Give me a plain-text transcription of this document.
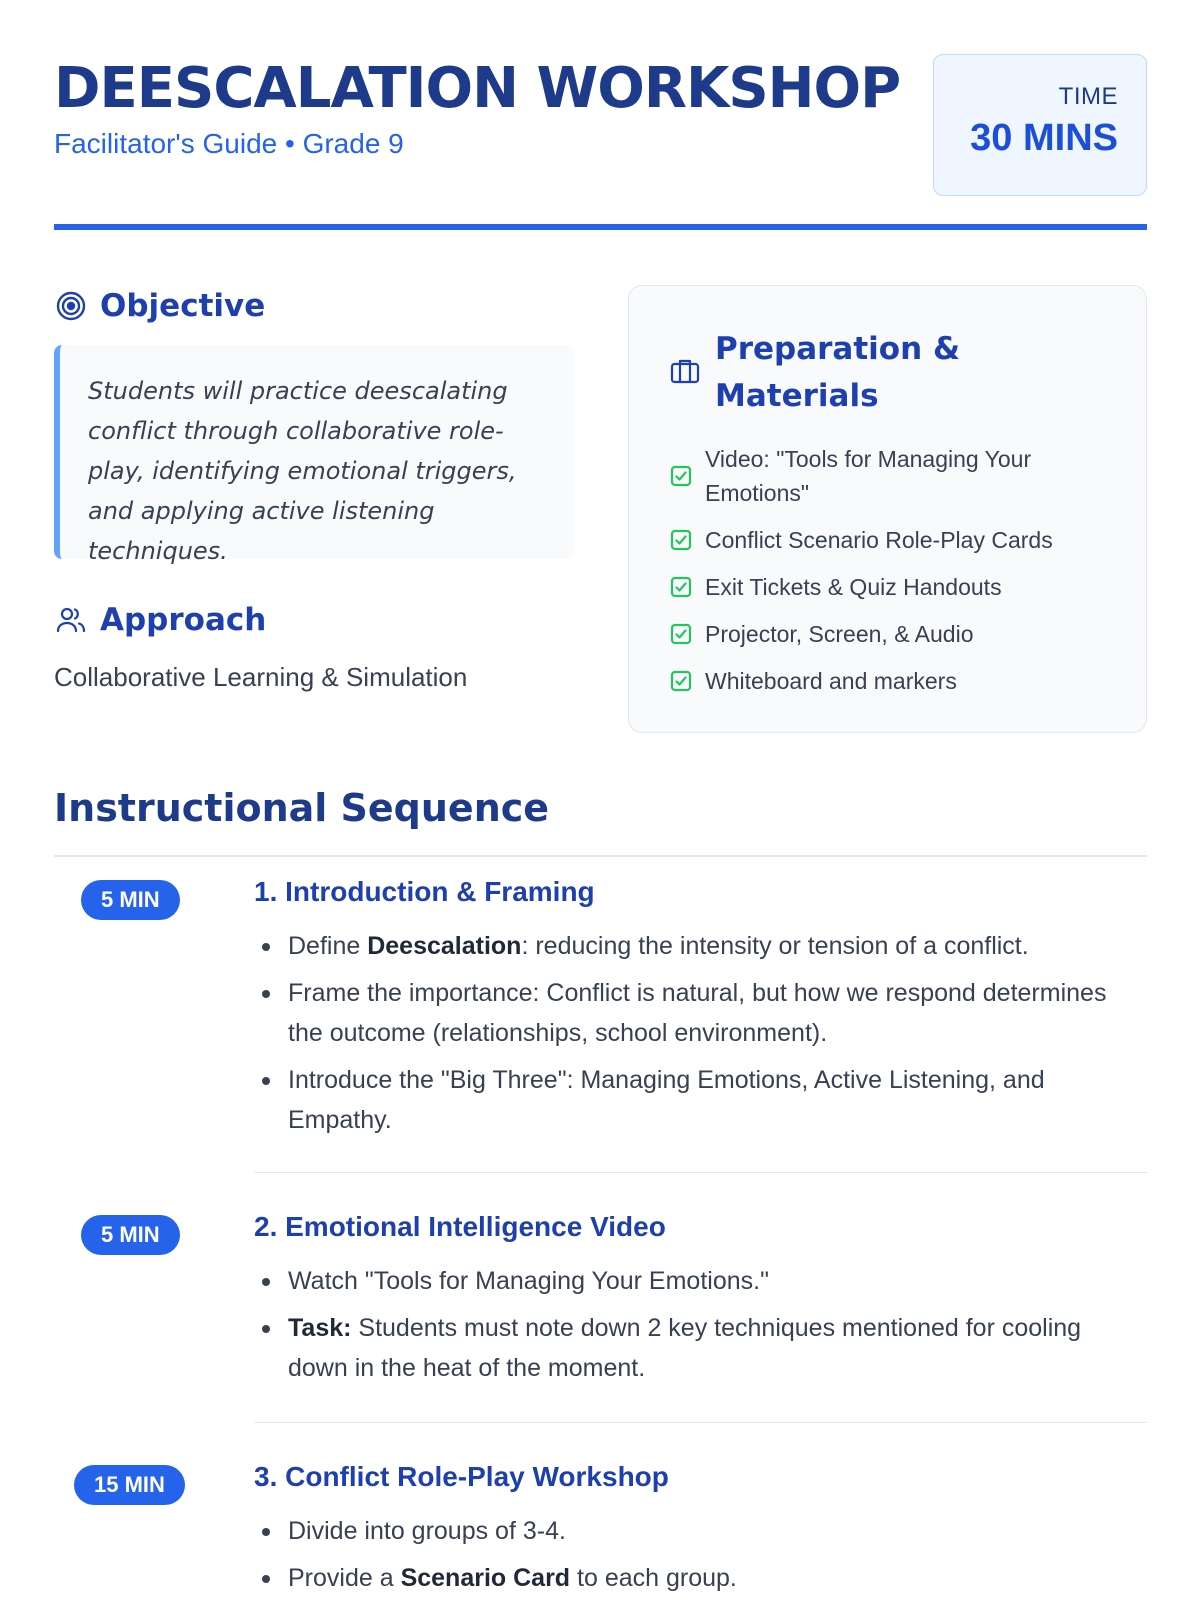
DEESCALATION WORKSHOP
Facilitator's Guide • Grade 9
TIME
30 MINS
Objective

Students will practice deescalating conflict through collaborative role-play, identifying emotional triggers, and applying active listening techniques.

Approach
Collaborative Learning & Simulation
Preparation & Materials
Video: "Tools for Managing Your Emotions"
Conflict Scenario Role-Play Cards
Exit Tickets & Quiz Handouts
Projector, Screen, & Audio
Whiteboard and markers
Instructional Sequence
5 MIN	1. Introduction & Framing
Define Deescalation: reducing the intensity or tension of a conflict.
Frame the importance: Conflict is natural, but how we respond determines the outcome (relationships, school environment).
Introduce the "Big Three": Managing Emotions, Active Listening, and Empathy.
5 MIN	2. Emotional Intelligence Video
Watch "Tools for Managing Your Emotions."
Task: Students must note down 2 key techniques mentioned for cooling down in the heat of the moment.
15 MIN	3. Conflict Role-Play Workshop
Divide into groups of 3-4.
Provide a Scenario Card to each group.
